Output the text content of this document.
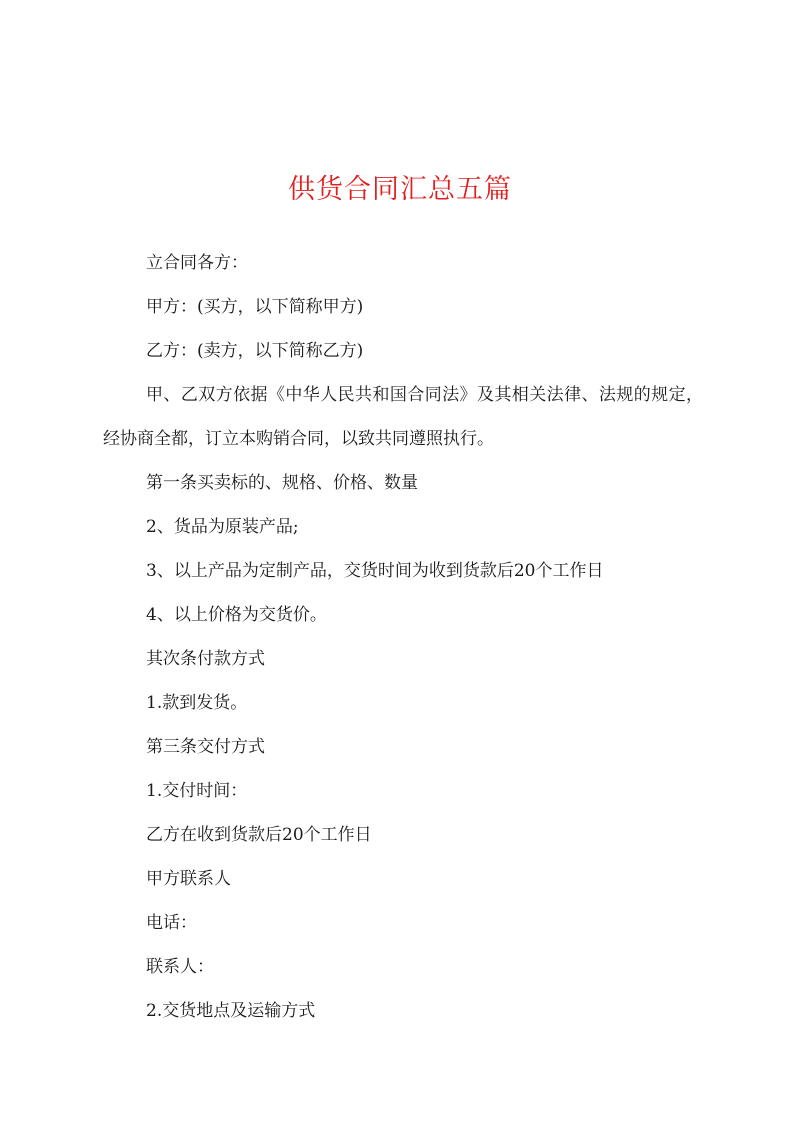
供货合同汇总五篇

立合同各方：

甲方：(买方，以下简称甲方)

乙方：(卖方，以下简称乙方)

甲、乙双方依据《中华人民共和国合同法》及其相关法律、法规的规定，经协商全都，订立本购销合同，以致共同遵照执行。

第一条买卖标的、规格、价格、数量

2、货品为原装产品;

3、以上产品为定制产品，交货时间为收到货款后20个工作日

4、以上价格为交货价。

其次条付款方式

1.款到发货。

第三条交付方式

1.交付时间：

乙方在收到货款后20个工作日

甲方联系人

电话：

联系人：

2.交货地点及运输方式
